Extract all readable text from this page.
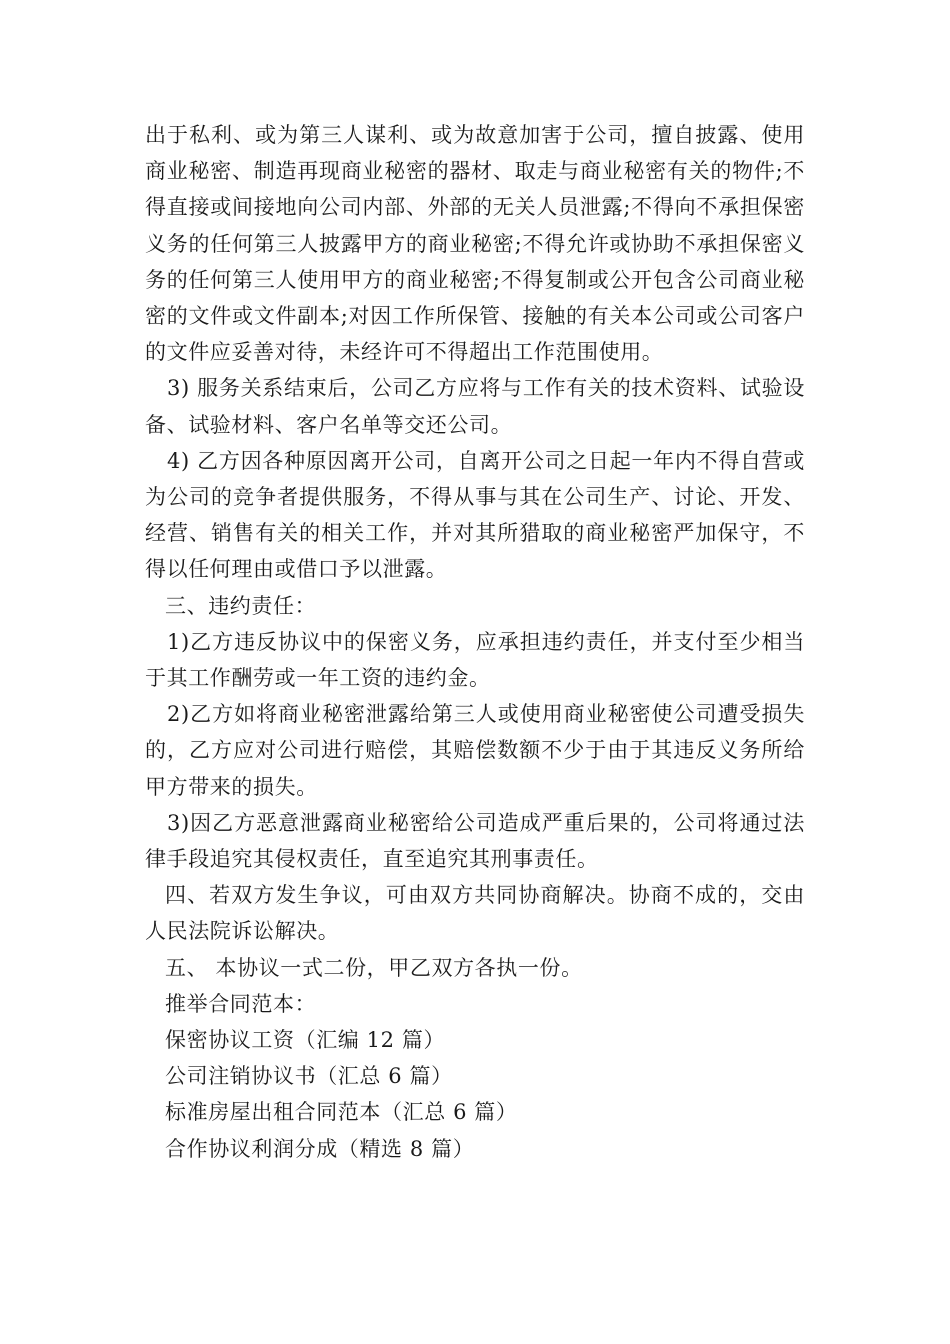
出于私利、或为第三人谋利、或为故意加害于公司，擅自披露、使用商业秘密、制造再现商业秘密的器材、取走与商业秘密有关的物件;不得直接或间接地向公司内部、外部的无关人员泄露;不得向不承担保密义务的任何第三人披露甲方的商业秘密;不得允许或协助不承担保密义务的任何第三人使用甲方的商业秘密;不得复制或公开包含公司商业秘密的文件或文件副本;对因工作所保管、接触的有关本公司或公司客户的文件应妥善对待，未经许可不得超出工作范围使用。

3) 服务关系结束后，公司乙方应将与工作有关的技术资料、试验设备、试验材料、客户名单等交还公司。

4) 乙方因各种原因离开公司，自离开公司之日起一年内不得自营或为公司的竞争者提供服务，不得从事与其在公司生产、讨论、开发、经营、销售有关的相关工作，并对其所猎取的商业秘密严加保守，不得以任何理由或借口予以泄露。

三、违约责任：

1)乙方违反协议中的保密义务，应承担违约责任，并支付至少相当于其工作酬劳或一年工资的违约金。

2)乙方如将商业秘密泄露给第三人或使用商业秘密使公司遭受损失的，乙方应对公司进行赔偿，其赔偿数额不少于由于其违反义务所给甲方带来的损失。

3)因乙方恶意泄露商业秘密给公司造成严重后果的，公司将通过法律手段追究其侵权责任，直至追究其刑事责任。

四、若双方发生争议，可由双方共同协商解决。协商不成的，交由人民法院诉讼解决。

五、 本协议一式二份，甲乙双方各执一份。

推举合同范本：

保密协议工资（汇编 12 篇）

公司注销协议书（汇总 6 篇）

标准房屋出租合同范本（汇总 6 篇）

合作协议利润分成（精选 8 篇）
